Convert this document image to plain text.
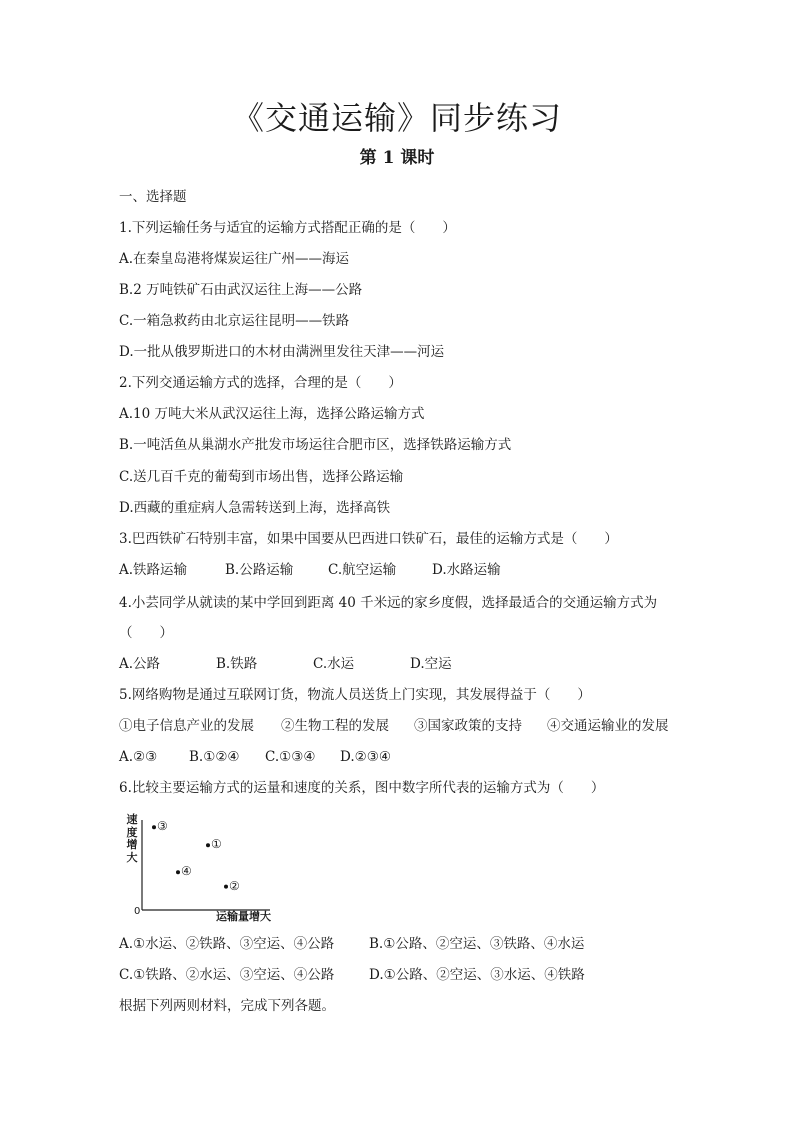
《交通运输》同步练习
第 1 课时
一、选择题
1.下列运输任务与适宜的运输方式搭配正确的是（　　）
A.在秦皇岛港将煤炭运往广州——海运
B.2 万吨铁矿石由武汉运往上海——公路
C.一箱急救药由北京运往昆明——铁路
D.一批从俄罗斯进口的木材由满洲里发往天津——河运
2.下列交通运输方式的选择，合理的是（　　）
A.10 万吨大米从武汉运往上海，选择公路运输方式
B.一吨活鱼从巢湖水产批发市场运往合肥市区，选择铁路运输方式
C.送几百千克的葡萄到市场出售，选择公路运输
D.西藏的重症病人急需转送到上海，选择高铁
3.巴西铁矿石特别丰富，如果中国要从巴西进口铁矿石，最佳的运输方式是（　　）
A.铁路运输	B.公路运输	C.航空运输	D.水路运输
4.小芸同学从就读的某中学回到距离 40 千米远的家乡度假，选择最适合的交通运输方式为
（　　）
A.公路	B.铁路	C.水运	D.空运
5.网络购物是通过互联网订货，物流人员送货上门实现，其发展得益于（　　）
①电子信息产业的发展 ②生物工程的发展 ③国家政策的支持 ④交通运输业的发展
A.②③ B.①②④ C.①③④ D.②③④
6.比较主要运输方式的运量和速度的关系，图中数字所代表的运输方式为（　　）
速度增大
0	运输量增大
③
①
④
②
A.①水运、②铁路、③空运、④公路	B.①公路、②空运、③铁路、④水运
C.①铁路、②水运、③空运、④公路	D.①公路、②空运、③水运、④铁路
根据下列两则材料，完成下列各题。
